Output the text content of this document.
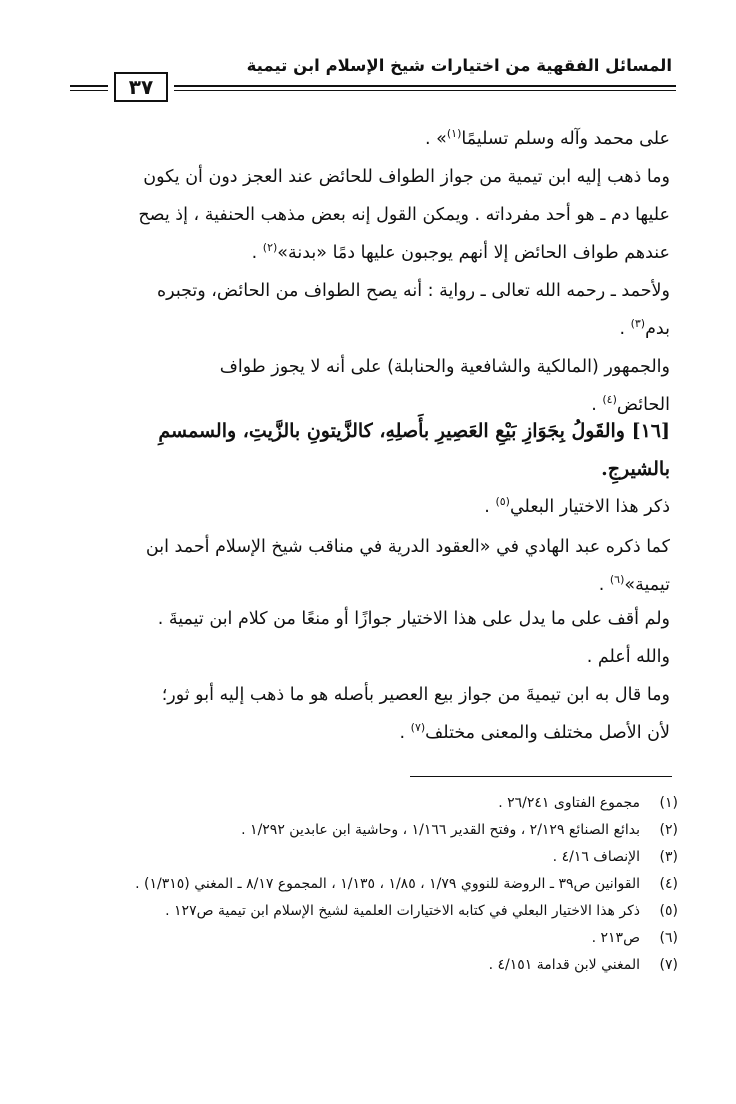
المسائل الفقهية من اختيارات شيخ الإسلام ابن تيمية
٣٧

على محمد وآله وسلم تسليمًا$^{(١)}$» .

وما ذهب إليه ابن تيمية من جواز الطواف للحائض عند العجز دون أن يكون
عليها دم ـ هو أحد مفرداته . ويمكن القول إنه بعض مذهب الحنفية ، إذ يصح
عندهم طواف الحائض إلا أنهم يوجبون عليها دمًا «بدنة»$^{(٢)}$ .
ولأحمد ـ رحمه الله تعالى ـ رواية : أنه يصح الطواف من الحائض، وتجبره
بدم$^{(٣)}$ .
والجمهور (المالكية والشافعية والحنابلة) على أنه لا يجوز طواف
الحائض$^{(٤)}$ .
[١٦] والقَولُ بِجَوَازِ بَيْعِ العَصِيرِ بأَصلِهِ، كالزَّيتونِ بالزَّيتِ، والسمسمِ
بالشيرجِ.

ذكر هذا الاختيار البعلي$^{(٥)}$ .

كما ذكره عبد الهادي في «العقود الدرية في مناقب شيخ الإسلام أحمد ابن
تيمية»$^{(٦)}$ .
ولم أقف على ما يدل على هذا الاختيار جوازًا أو منعًا من كلام ابن تيميةَ .
والله أعلم .
وما قال به ابن تيميةَ من جواز بيع العصير بأصله هو ما ذهب إليه أبو ثور؛
لأن الأصل مختلف والمعنى مختلف$^{(٧)}$ .
(١)
مجموع الفتاوى ٢٦/٢٤١ .
(٢)
بدائع الصنائع ٢/١٢٩ ، وفتح القدير ١/١٦٦ ، وحاشية ابن عابدين ١/٢٩٢ .
(٣)
الإنصاف ٤/١٦ .
(٤)
القوانين ص٣٩ ـ الروضة للنووي ١/٧٩ ، ١/٨٥ ، ١/١٣٥ ، المجموع ٨/١٧ ـ المغني (١/٣١٥) .
(٥)
ذكر هذا الاختيار البعلي في كتابه الاختيارات العلمية لشيخ الإسلام ابن تيمية ص١٢٧ .
(٦)
ص٢١٣ .
(٧)
المغني لابن قدامة ٤/١٥١ .
